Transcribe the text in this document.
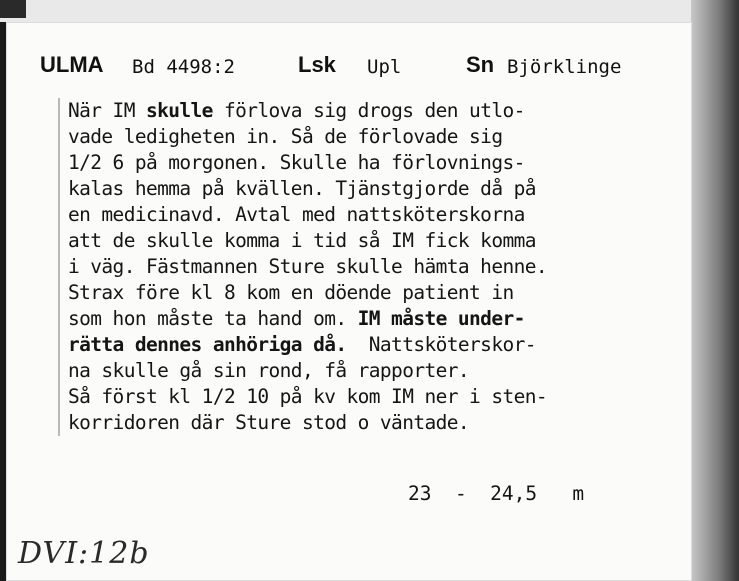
ULMA Bd 4498:2	Lsk Upl	Sn Björklinge
När IM skulle förlova sig drogs den utlo-
vade ledigheten in. Så de förlovade sig
1/2 6 på morgonen. Skulle ha förlovnings-
kalas hemma på kvällen. Tjänstgjorde då på
en medicinavd. Avtal med nattsköterskorna
att de skulle komma i tid så IM fick komma
i väg. Fästmannen Sture skulle hämta henne.
Strax före kl 8 kom en döende patient in
som hon måste ta hand om. IM måste under-
rätta dennes anhöriga då.  Nattsköterskor-
na skulle gå sin rond, få rapporter.
Så först kl 1/2 10 på kv kom IM ner i sten-
korridoren där Sture stod o väntade.
23  -  24,5   m
DVI:12b
